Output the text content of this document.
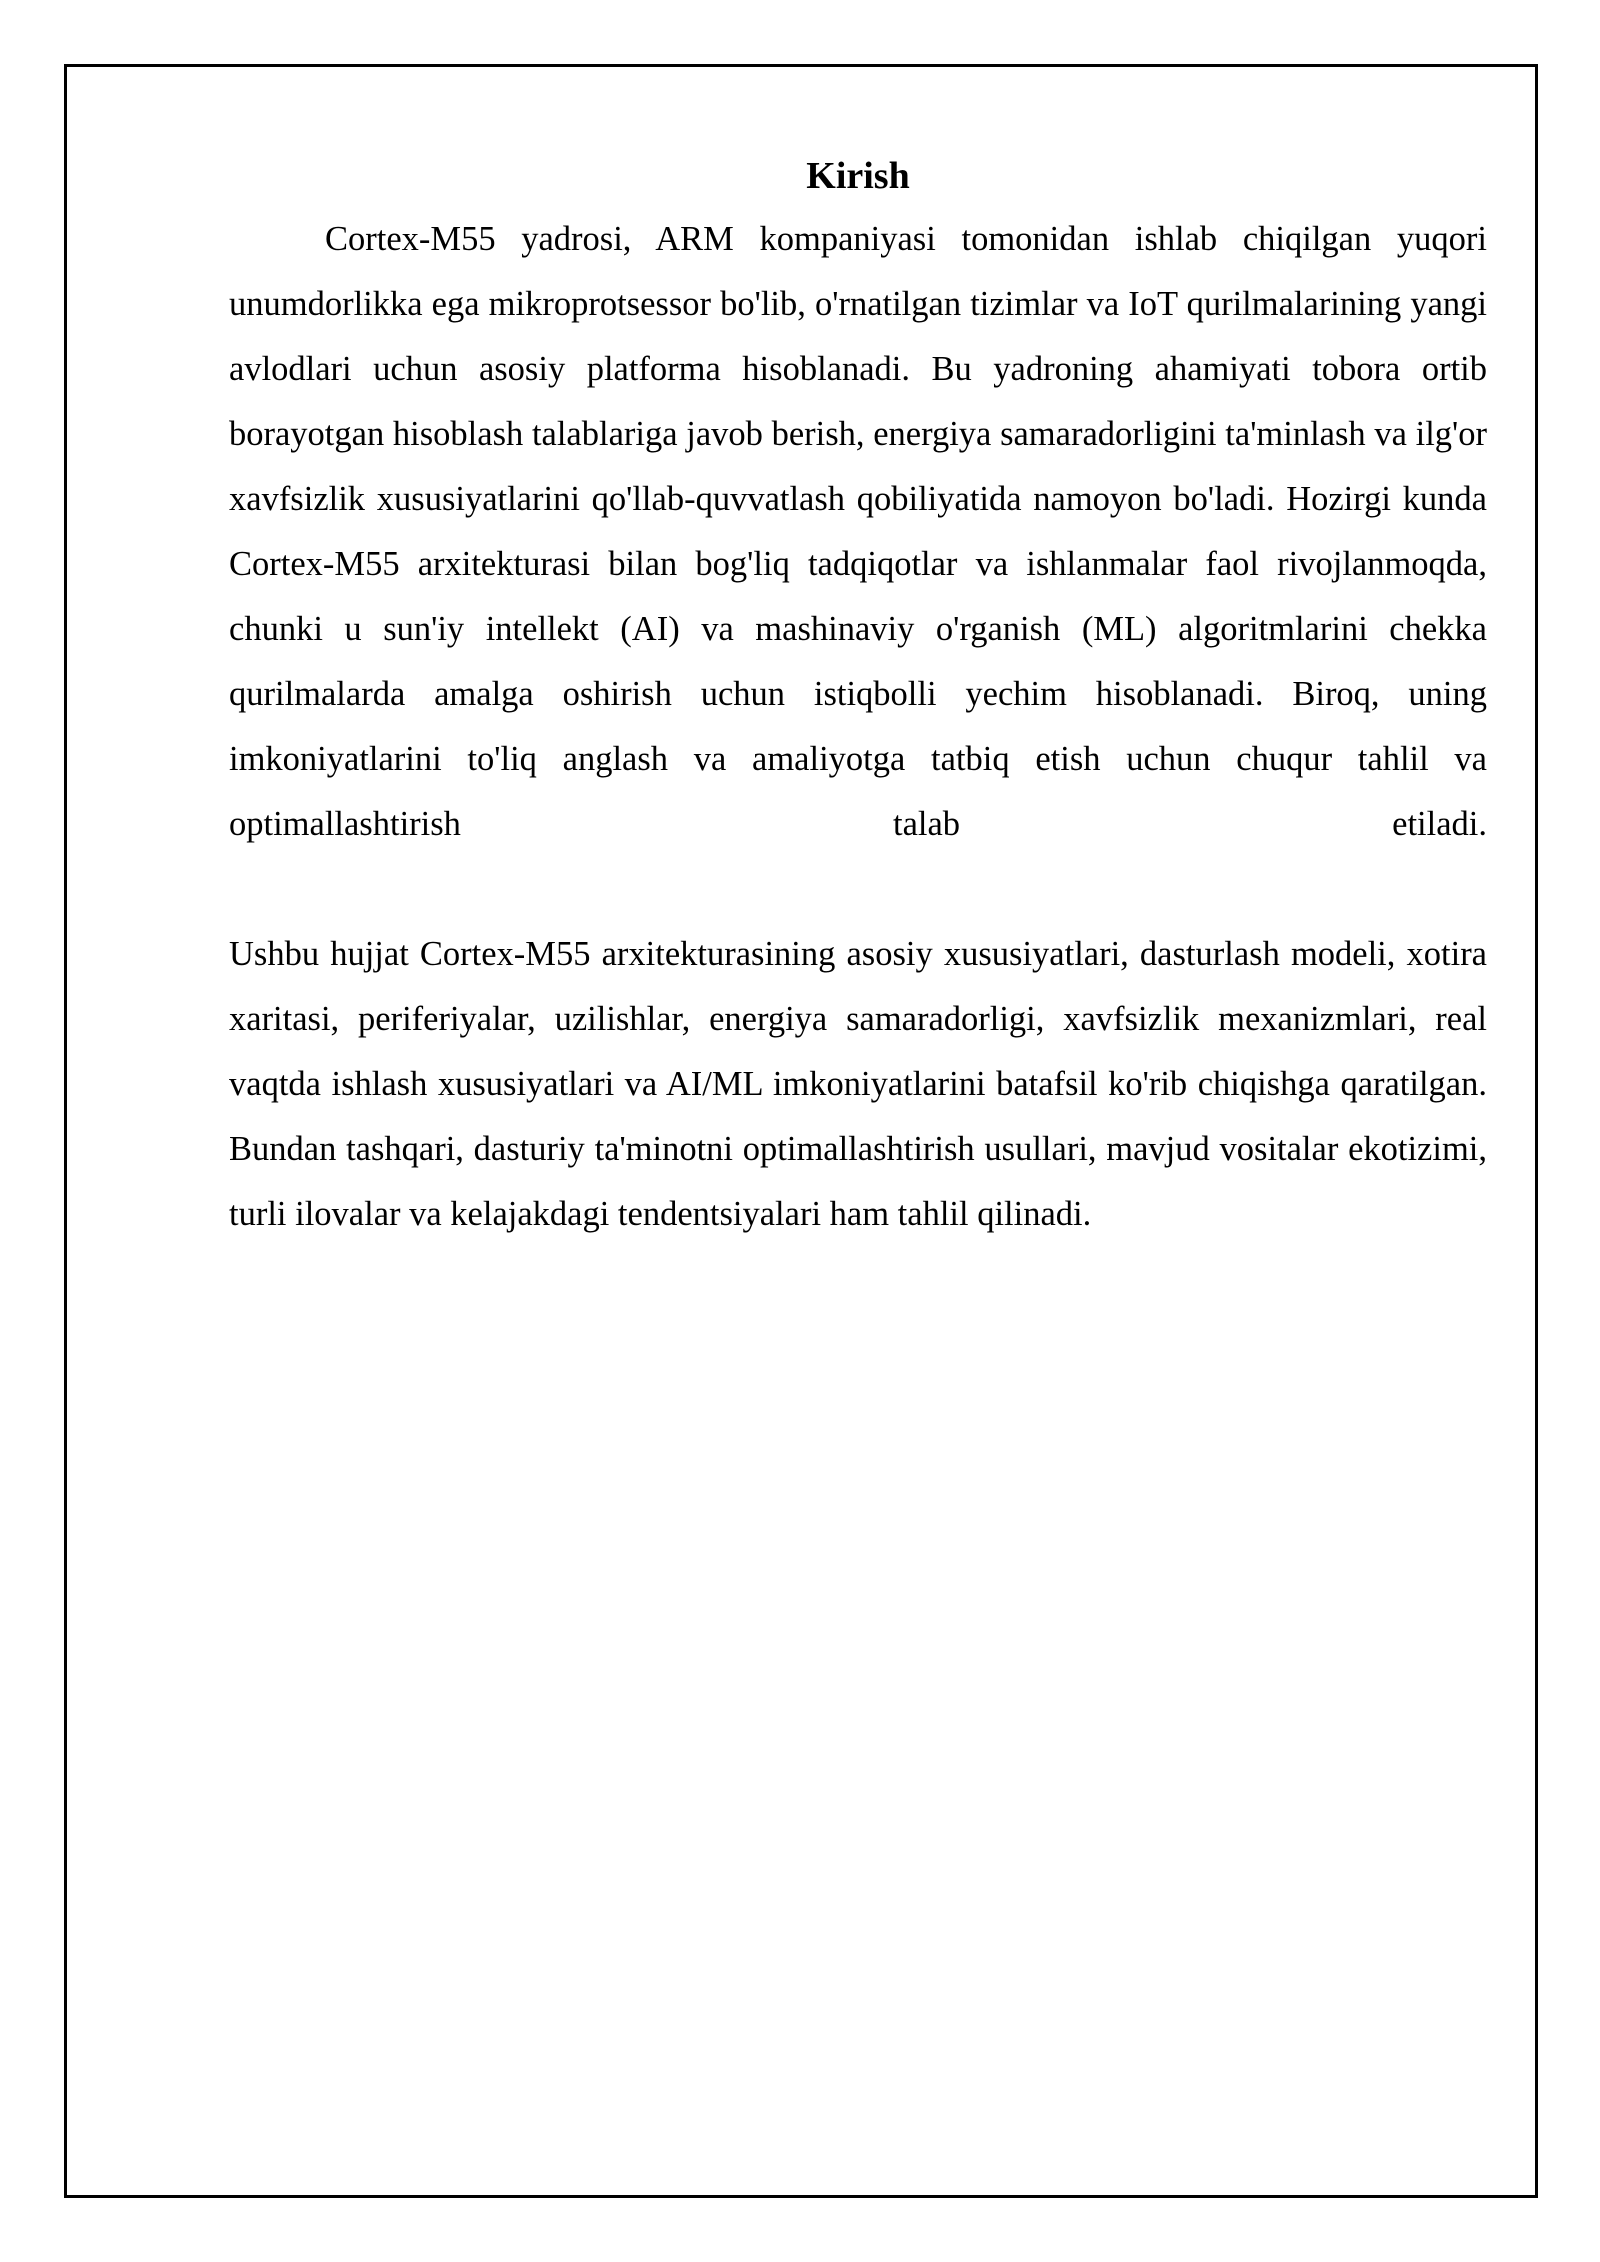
Kirish

Cortex-M55 yadrosi, ARM kompaniyasi tomonidan ishlab chiqilgan yuqori unumdorlikka ega mikroprotsessor bo'lib, o'rnatilgan tizimlar va IoT qurilmalarining yangi avlodlari uchun asosiy platforma hisoblanadi. Bu yadroning ahamiyati tobora ortib borayotgan hisoblash talablariga javob berish, energiya samaradorligini ta'minlash va ilg'or xavfsizlik xususiyatlarini qo'llab-quvvatlash qobiliyatida namoyon bo'ladi. Hozirgi kunda Cortex-M55 arxitekturasi bilan bog'liq tadqiqotlar va ishlanmalar faol rivojlanmoqda, chunki u sun'iy intellekt (AI) va mashinaviy o'rganish (ML) algoritmlarini chekka qurilmalarda amalga oshirish uchun istiqbolli yechim hisoblanadi. Biroq, uning imkoniyatlarini to'liq anglash va amaliyotga tatbiq etish uchun chuqur tahlil va optimallashtirish talab etiladi.

Ushbu hujjat Cortex-M55 arxitekturasining asosiy xususiyatlari, dasturlash modeli, xotira xaritasi, periferiyalar, uzilishlar, energiya samaradorligi, xavfsizlik mexanizmlari, real vaqtda ishlash xususiyatlari va AI/ML imkoniyatlarini batafsil ko'rib chiqishga qaratilgan. Bundan tashqari, dasturiy ta'minotni optimallashtirish usullari, mavjud vositalar ekotizimi, turli ilovalar va kelajakdagi tendentsiyalari ham tahlil qilinadi.
